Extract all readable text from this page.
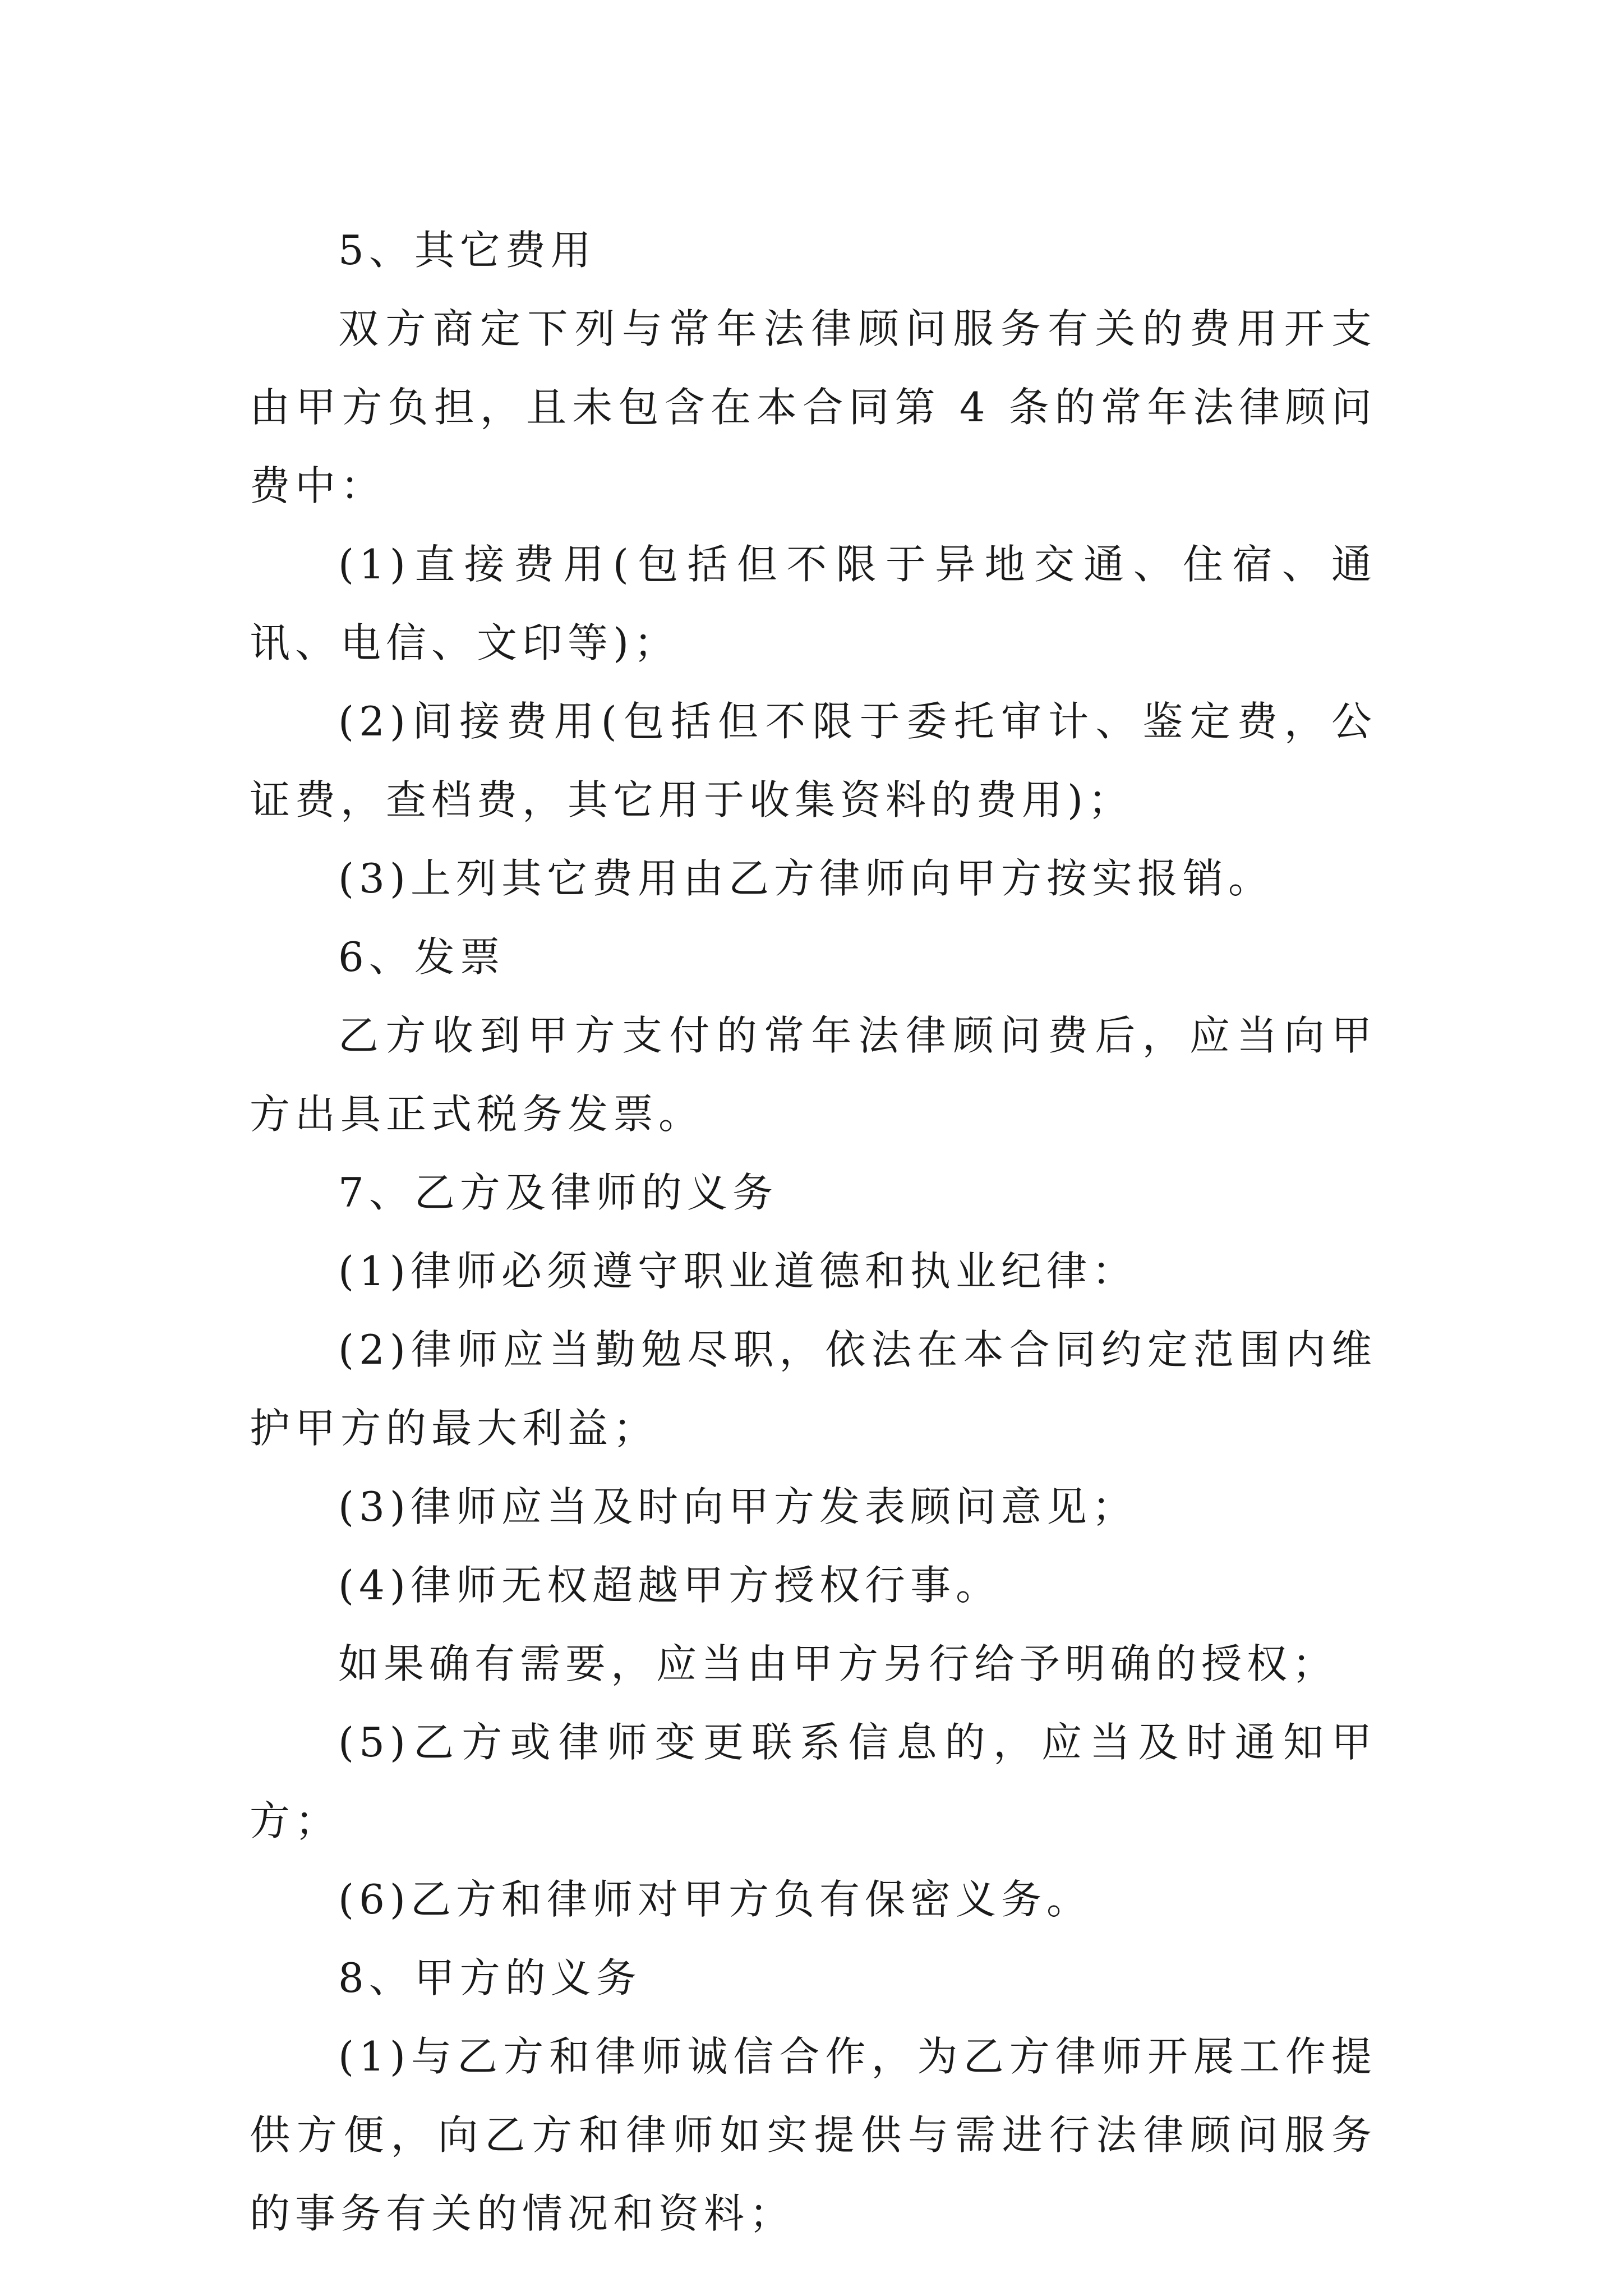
5、其它费用

双方商定下列与常年法律顾问服务有关的费用开支由甲方负担，且未包含在本合同第 4 条的常年法律顾问费中：

(1)直接费用(包括但不限于异地交通、住宿、通讯、电信、文印等)；

(2)间接费用(包括但不限于委托审计、鉴定费，公证费，查档费，其它用于收集资料的费用)；

(3)上列其它费用由乙方律师向甲方按实报销。

6、发票

乙方收到甲方支付的常年法律顾问费后，应当向甲方出具正式税务发票。

7、乙方及律师的义务

(1)律师必须遵守职业道德和执业纪律：

(2)律师应当勤勉尽职，依法在本合同约定范围内维护甲方的最大利益；

(3)律师应当及时向甲方发表顾问意见；

(4)律师无权超越甲方授权行事。

如果确有需要，应当由甲方另行给予明确的授权；

(5)乙方或律师变更联系信息的，应当及时通知甲方；

(6)乙方和律师对甲方负有保密义务。

8、甲方的义务

(1)与乙方和律师诚信合作，为乙方律师开展工作提供方便，向乙方和律师如实提供与需进行法律顾问服务的事务有关的情况和资料；
